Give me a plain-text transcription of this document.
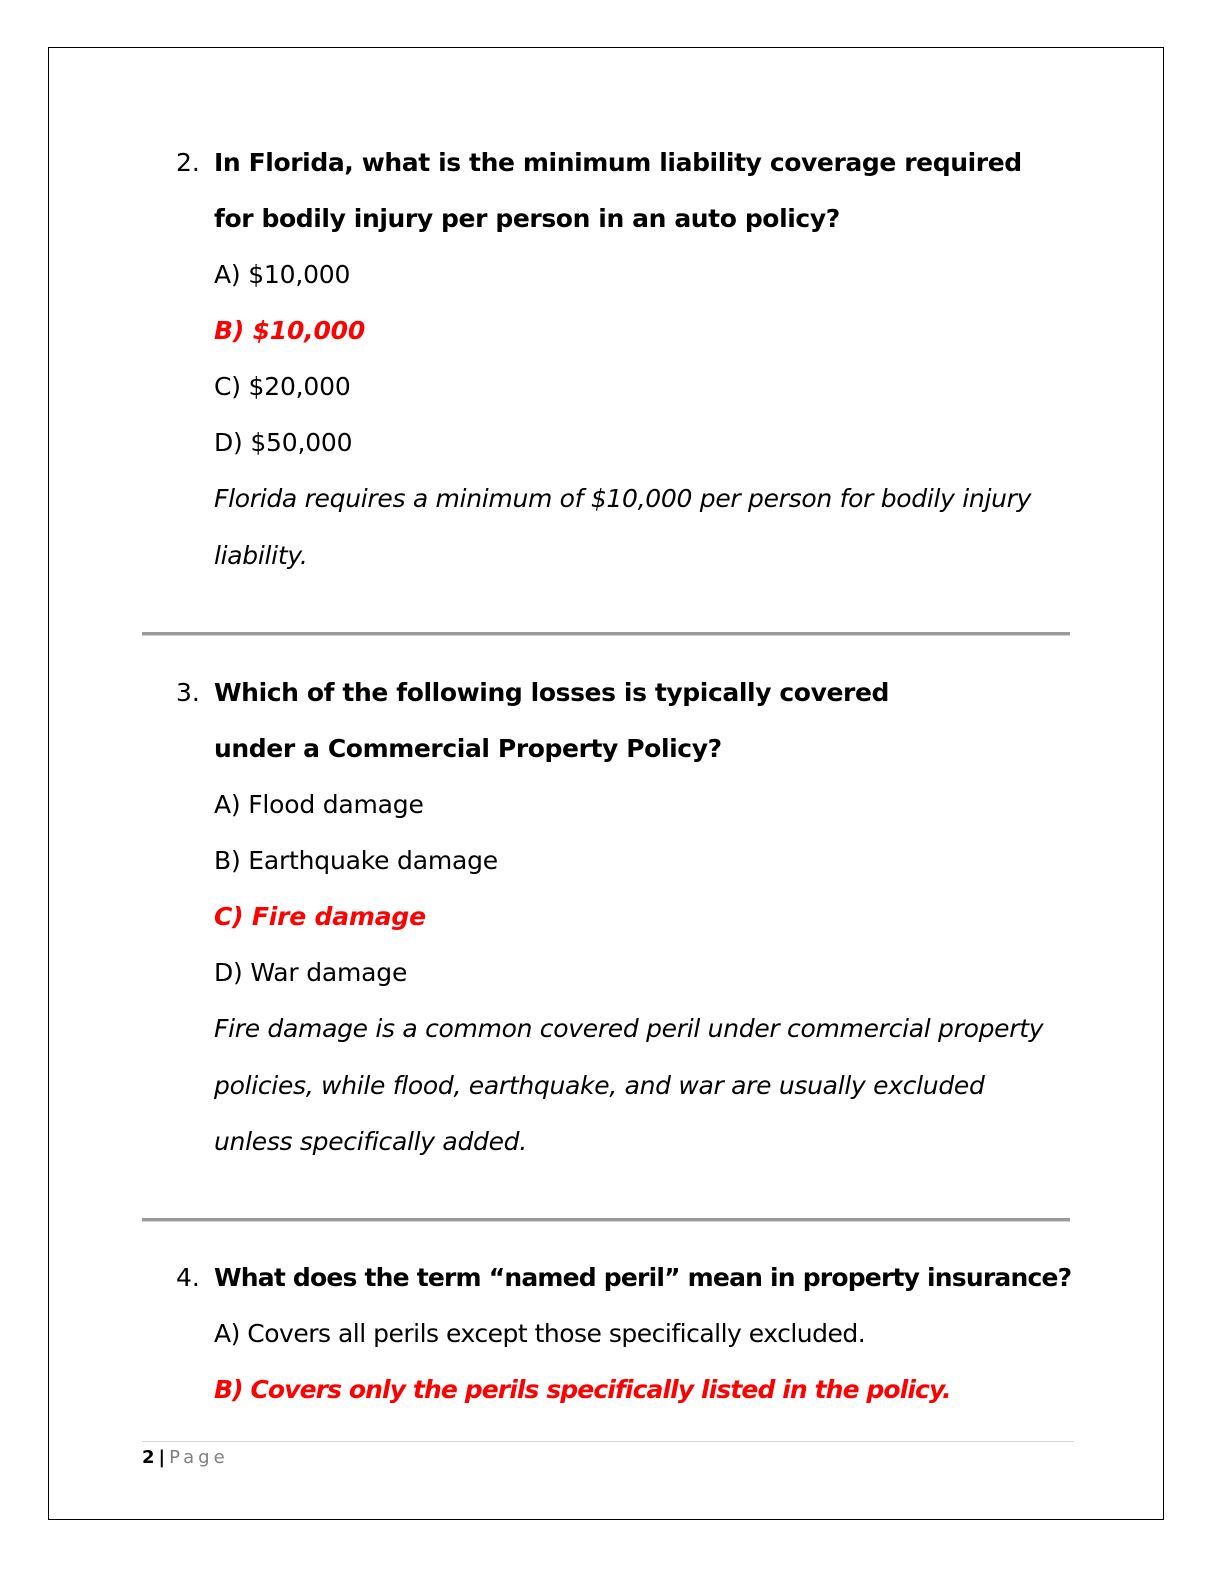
2. In Florida, what is the minimum liability coverage required for bodily injury per person in an auto policy?
A) $10,000
B) $10,000
C) $20,000
D) $50,000
Florida requires a minimum of $10,000 per person for bodily injury liability.
3. Which of the following losses is typically covered under a Commercial Property Policy?
A) Flood damage
B) Earthquake damage
C) Fire damage
D) War damage
Fire damage is a common covered peril under commercial property policies, while flood, earthquake, and war are usually excluded unless specifically added.
4. What does the term “named peril” mean in property insurance?
A) Covers all perils except those specifically excluded.
B) Covers only the perils specifically listed in the policy.
2 | Page
